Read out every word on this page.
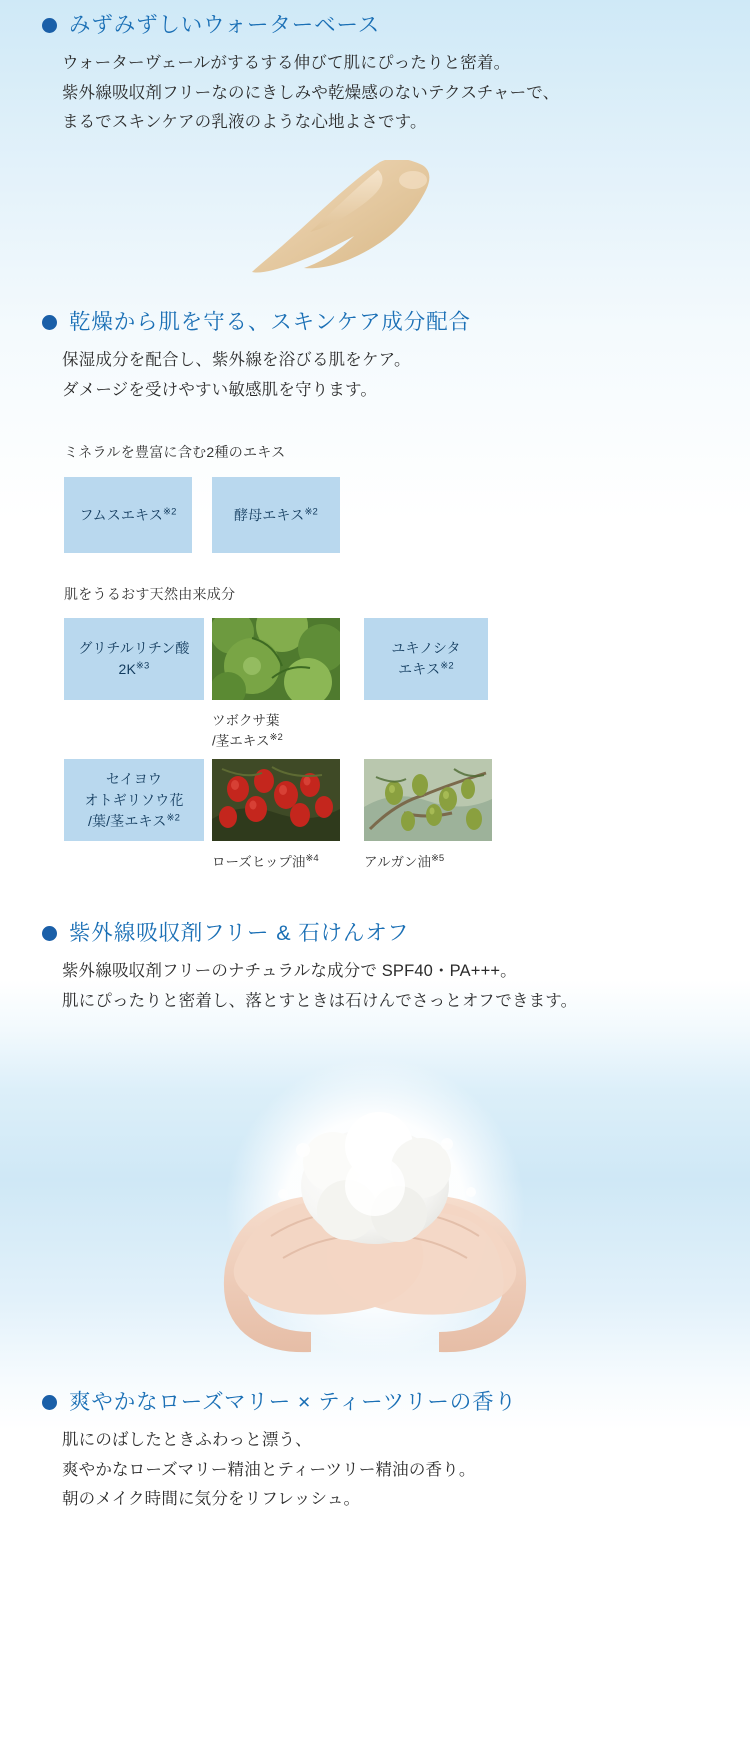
みずみずしいウォーターベース
ウォーターヴェールがするする伸びて肌にぴったりと密着。
紫外線吸収剤フリーなのにきしみや乾燥感のないテクスチャーで、
まるでスキンケアの乳液のような心地よさです。
乾燥から肌を守る、スキンケア成分配合
保湿成分を配合し、紫外線を浴びる肌をケア。
ダメージを受けやすい敏感肌を守ります。
ミネラルを豊富に含む2種のエキス
フムスエキス$^{※2}$	酵母エキス$^{※2}$
肌をうるおす天然由来成分
グリチルリチン酸
$2K^{※3}$
ユキノシタ
エキス$^{※2}$
ツボクサ葉
/茎エキス$^{※2}$
セイヨウ
オトギリソウ花
/葉/茎エキス$^{※2}$
ローズヒップ油$^{※4}$	アルガン油$^{※5}$
紫外線吸収剤フリー & 石けんオフ
紫外線吸収剤フリーのナチュラルな成分で SPF40・PA+++。
肌にぴったりと密着し、落とすときは石けんでさっとオフできます。
爽やかなローズマリー × ティーツリーの香り
肌にのばしたときふわっと漂う、
爽やかなローズマリー精油とティーツリー精油の香り。
朝のメイク時間に気分をリフレッシュ。
